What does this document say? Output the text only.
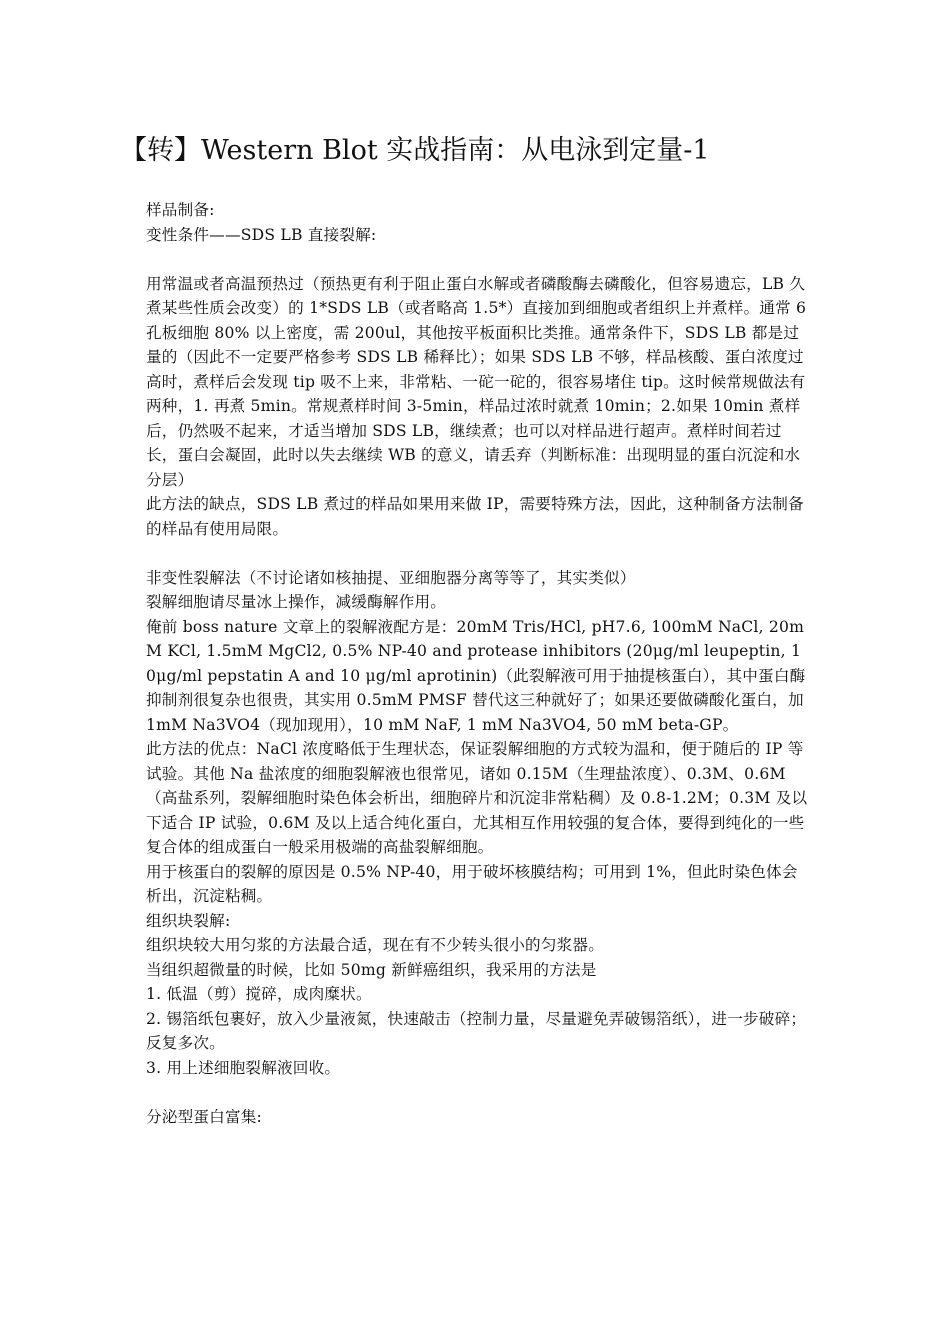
【转】Western Blot 实战指南：从电泳到定量-1

样品制备:

变性条件——SDS LB 直接裂解:

用常温或者高温预热过（预热更有利于阻止蛋白水解或者磷酸酶去磷酸化，但容易遗忘，LB 久煮某些性质会改变）的 1*SDS LB（或者略高 1.5*）直接加到细胞或者组织上并煮样。通常 6 孔板细胞 80% 以上密度，需 200ul，其他按平板面积比类推。通常条件下，SDS LB 都是过量的（因此不一定要严格参考 SDS LB 稀释比）；如果 SDS LB 不够，样品核酸、蛋白浓度过高时，煮样后会发现 tip 吸不上来，非常粘、一砣一砣的，很容易堵住 tip。这时候常规做法有两种，1. 再煮 5min。常规煮样时间 3-5min，样品过浓时就煮 10min；2.如果 10min 煮样后，仍然吸不起来，才适当增加 SDS LB，继续煮；也可以对样品进行超声。煮样时间若过长，蛋白会凝固，此时以失去继续 WB 的意义，请丢弃（判断标准：出现明显的蛋白沉淀和水分层）

此方法的缺点，SDS LB 煮过的样品如果用来做 IP，需要特殊方法，因此，这种制备方法制备的样品有使用局限。

非变性裂解法（不讨论诸如核抽提、亚细胞器分离等等了，其实类似）

裂解细胞请尽量冰上操作，减缓酶解作用。

俺前 boss nature 文章上的裂解液配方是：20mM Tris/HCl, pH7.6, 100mM NaCl, 20mM KCl, 1.5mM MgCl2, 0.5% NP-40 and protease inhibitors (20μg/ml leupeptin, 10μg/ml pepstatin A and 10 μg/ml aprotinin)（此裂解液可用于抽提核蛋白），其中蛋白酶抑制剂很复杂也很贵，其实用 0.5mM PMSF 替代这三种就好了；如果还要做磷酸化蛋白，加 1mM Na3VO4（现加现用），10 mM NaF, 1 mM Na3VO4, 50 mM beta-GP。

此方法的优点：NaCl 浓度略低于生理状态，保证裂解细胞的方式较为温和，便于随后的 IP 等试验。其他 Na 盐浓度的细胞裂解液也很常见，诸如 0.15M（生理盐浓度）、0.3M、0.6M（高盐系列，裂解细胞时染色体会析出，细胞碎片和沉淀非常粘稠）及 0.8-1.2M；0.3M 及以下适合 IP 试验，0.6M 及以上适合纯化蛋白，尤其相互作用较强的复合体，要得到纯化的一些复合体的组成蛋白一般采用极端的高盐裂解细胞。

用于核蛋白的裂解的原因是 0.5% NP-40，用于破坏核膜结构；可用到 1%，但此时染色体会析出，沉淀粘稠。

组织块裂解:

组织块较大用匀浆的方法最合适，现在有不少转头很小的匀浆器。

当组织超微量的时候，比如 50mg 新鲜癌组织，我采用的方法是

1. 低温（剪）搅碎，成肉糜状。

2. 锡箔纸包裹好，放入少量液氮，快速敲击（控制力量，尽量避免弄破锡箔纸），进一步破碎；反复多次。

3. 用上述细胞裂解液回收。

分泌型蛋白富集:
